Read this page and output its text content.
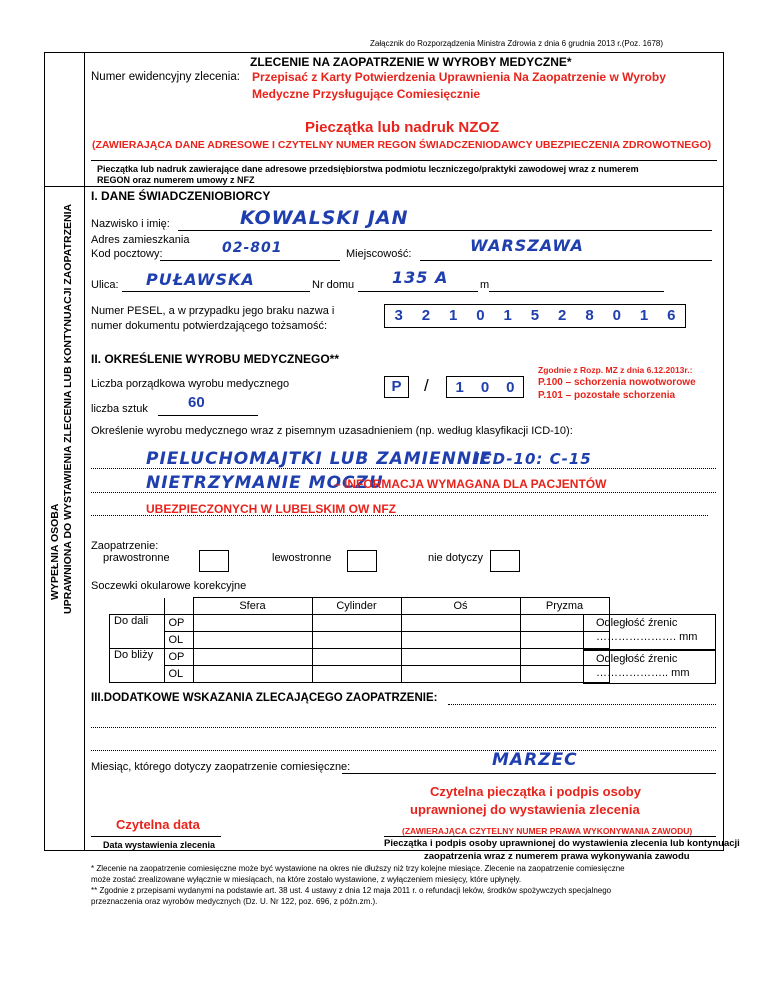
Załącznik do Rozporządzenia Ministra Zdrowia z dnia 6 grudnia 2013 r.(Poz. 1678)
ZLECENIE NA ZAOPATRZENIE W WYROBY MEDYCZNE*
Numer ewidencyjny zlecenia: Przepisać z Karty Potwierdzenia Uprawnienia Na Zaopatrzenie w Wyroby
Medyczne Przysługujące Comiesięcznie
Pieczątka lub nadruk NZOZ
(ZAWIERAJĄCA DANE ADRESOWE I CZYTELNY NUMER REGON ŚWIADCZENIODAWCY UBEZPIECZENIA ZDROWOTNEGO)
Pieczątka lub nadruk zawierające dane adresowe przedsiębiorstwa podmiotu leczniczego/praktyki zawodowej wraz z numerem
REGON oraz numerem umowy z NFZ
WYPEŁNIA OSOBA UPRAWNIONA DO WYSTAWIENIA ZLECENIA LUB KONTYNUACJI ZAOPATRZENIA
I. DANE ŚWIADCZENIOBIORCY
Nazwisko i imię:	KOWALSKI JAN
Adres zamieszkania
Kod pocztowy:	02-801	Miejscowość:	WARSZAWA
Ulica: PUŁAWSKA	Nr domu 135 A	m
Numer PESEL, a w przypadku jego braku nazwa i
numer dokumentu potwierdzającego tożsamość:
3	2	1	0	1	5	2	8	0	1	6
II. OKREŚLENIE WYROBU MEDYCZNEGO**
Liczba porządkowa wyrobu medycznego	P	/	1	0	0
Zgodnie z Rozp. MZ z dnia 6.12.2013r.:
P.100 – schorzenia nowotworowe
P.101 – pozostałe schorzenia
liczba sztuk	60
Określenie wyrobu medycznego wraz z pisemnym uzasadnieniem (np. według klasyfikacji ICD-10):
PIELUCHOMAJTKI LUB ZAMIENNIE
ICD-10: C-15
NIETRZYMANIE MOCZU
– INFORMACJA WYMAGANA DLA PACJENTÓW
UBEZPIECZONYCH W LUBELSKIM OW NFZ
Zaopatrzenie:
prawostronne	lewostronne	nie dotyczy
Soczewki okularowe korekcyjne
		Sfera	Cylinder	Oś	Pryzma
Do dali	OP				
	OL				
Do bliży	OP				
	OL				
Odległość źrenic
…………………. mm
Odległość źrenic
……………….. mm
III.DODATKOWE WSKAZANIA ZLECAJĄCEGO ZAOPATRZENIE:
Miesiąc, którego dotyczy zaopatrzenie comiesięczne:	MARZEC
Czytelna pieczątka i podpis osoby
uprawnionej do wystawienia zlecenia
Czytelna data	(ZAWIERAJĄCA CZYTELNY NUMER PRAWA WYKONYWANIA ZAWODU)
Data wystawienia zlecenia	Pieczątka i podpis osoby uprawnionej do wystawienia zlecenia lub kontynuacji
zaopatrzenia wraz z numerem prawa wykonywania zawodu
* Zlecenie na zaopatrzenie comiesięczne może być wystawione na okres nie dłuższy niż trzy kolejne miesiące. Zlecenie na zaopatrzenie comiesięczne
może zostać zrealizowane wyłącznie w miesiącach, na które zostało wystawione, z wyłączeniem miesięcy, które upłynęły.
** Zgodnie z przepisami wydanymi na podstawie art. 38 ust. 4 ustawy z dnia 12 maja 2011 r. o refundacji leków, środków spożywczych specjalnego
przeznaczenia oraz wyrobów medycznych (Dz. U. Nr 122, poz. 696, z późn.zm.).
